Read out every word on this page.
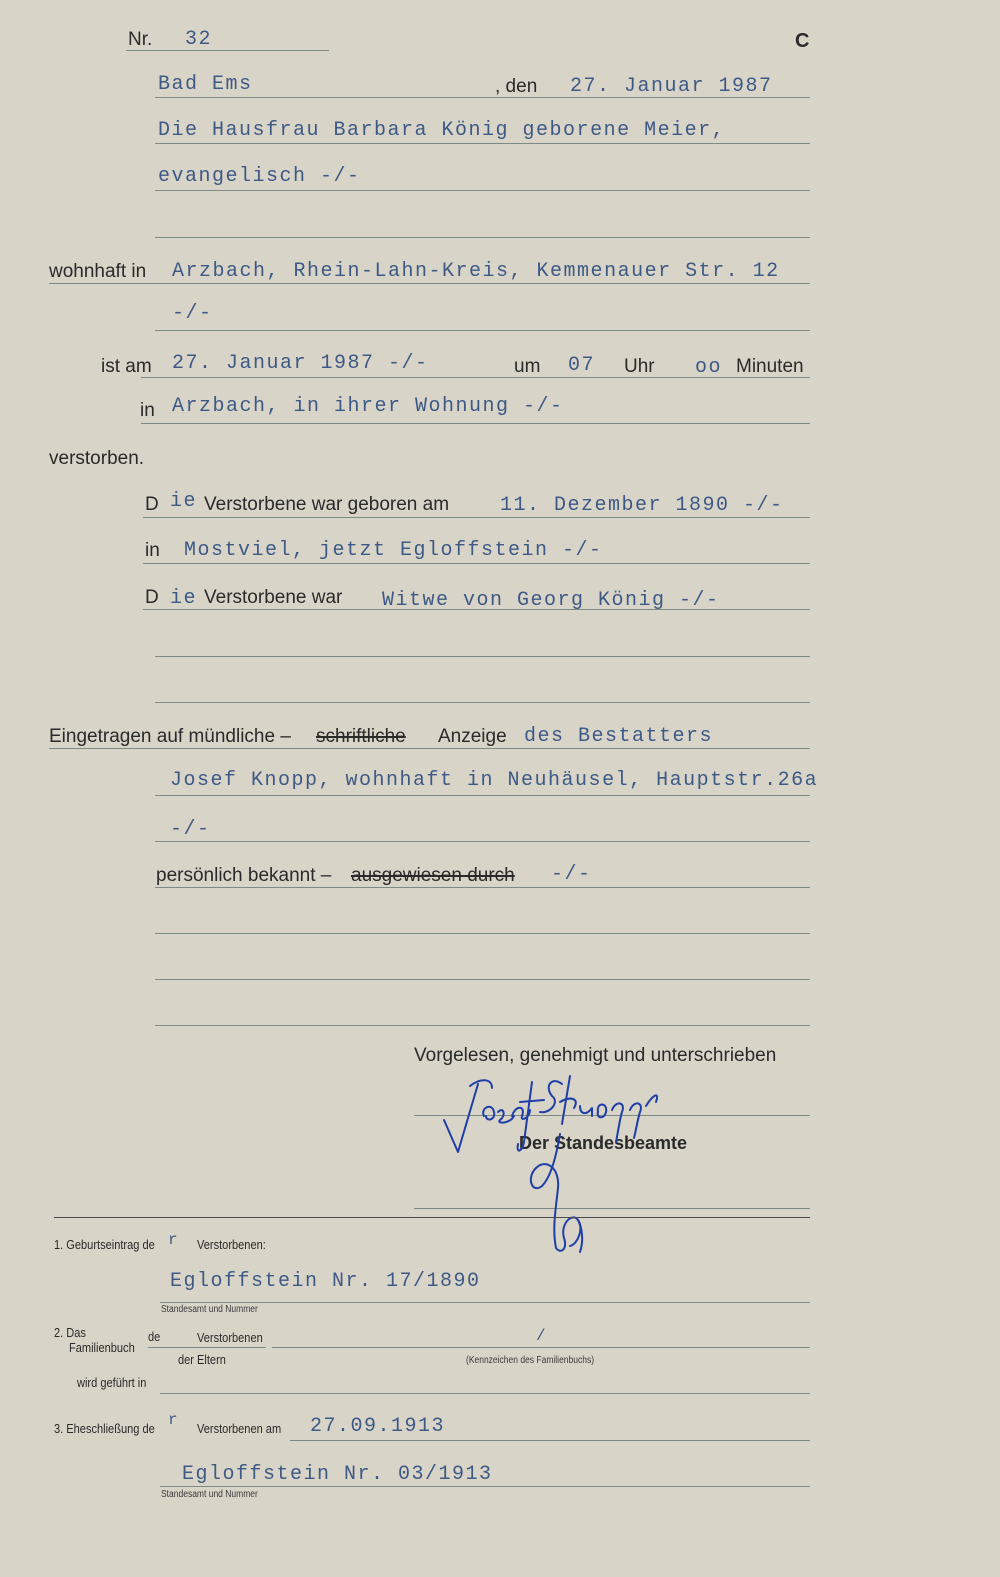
Nr. 32	C
Bad Ems	, den 27. Januar 1987
Die Hausfrau Barbara König geborene Meier,
evangelisch -/-
wohnhaft in Arzbach, Rhein-Lahn-Kreis, Kemmenauer Str. 12
-/-
ist am 27. Januar 1987 -/-	um 07 Uhr oo Minuten
in Arzbach, in ihrer Wohnung -/-
verstorben.
D ie Verstorbene war geboren am	11. Dezember 1890 -/-
in Mostviel, jetzt Egloffstein -/-
D ie Verstorbene war Witwe von Georg König -/-
Eingetragen auf mündliche – schriftliche Anzeige des Bestatters
Josef Knopp, wohnhaft in Neuhäusel, Hauptstr.26a
-/-
persönlich bekannt – ausgewiesen durch -/-
Vorgelesen, genehmigt und unterschrieben
Der Standesbeamte
1. Geburtseintrag de r Verstorbenen:
Egloffstein Nr. 17/1890
Standesamt und Nummer
2. Das
Familienbuch
de	Verstorbenen
der Eltern
/
(Kennzeichen des Familienbuchs)
wird geführt in
3. Eheschließung de r Verstorbenen am 27.09.1913
Egloffstein Nr. 03/1913
Standesamt und Nummer
